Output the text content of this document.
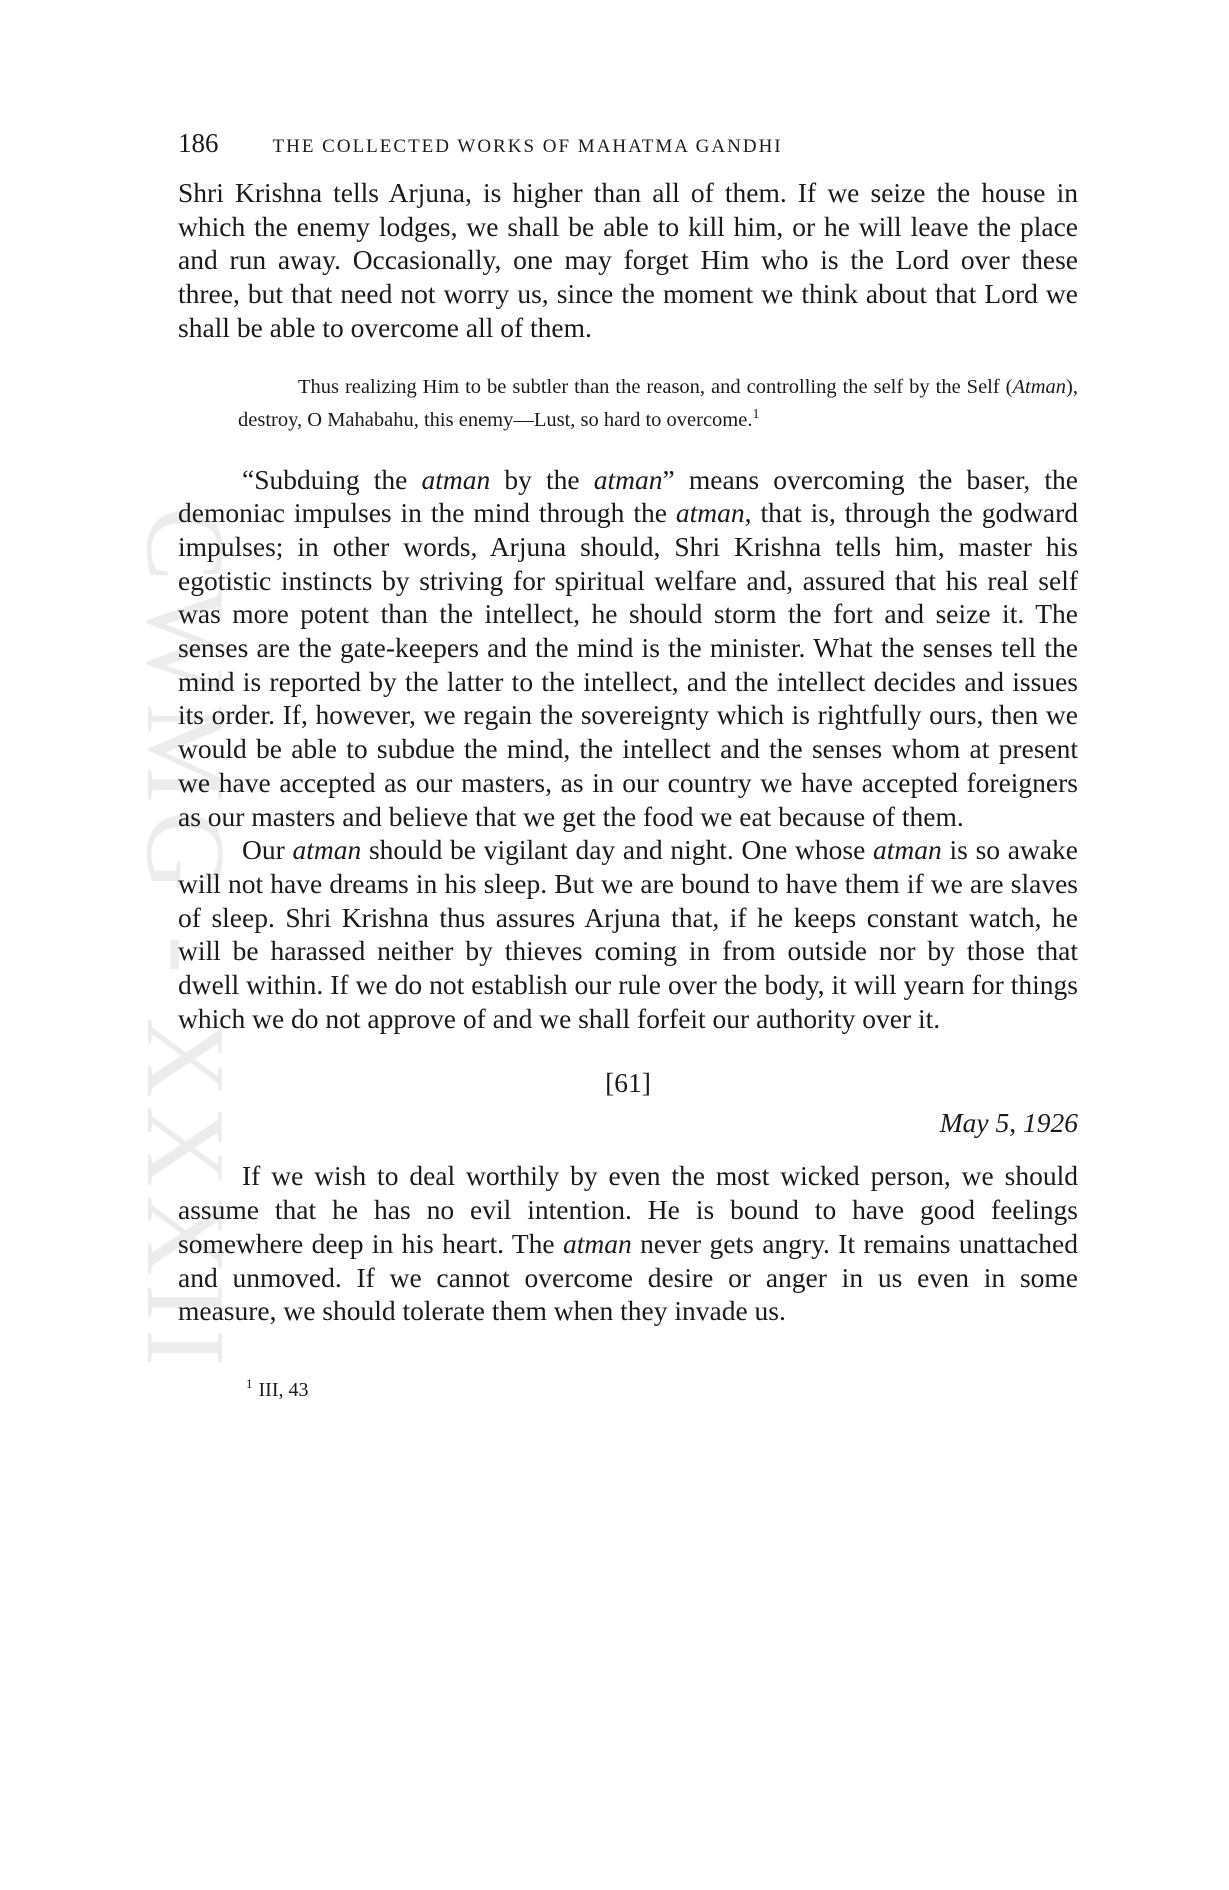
CWMG - XXXII
186	THE COLLECTED WORKS OF MAHATMA GANDHI

Shri Krishna tells Arjuna, is higher than all of them. If we seize the house in which the enemy lodges, we shall be able to kill him, or he will leave the place and run away. Occasionally, one may forget Him who is the Lord over these three, but that need not worry us, since the moment we think about that Lord we shall be able to overcome all of them.

Thus realizing Him to be subtler than the reason, and controlling the self by the Self (Atman), destroy, O Mahabahu, this enemy—Lust, so hard to overcome.$^1$

“Subduing the atman by the atman” means overcoming the baser, the demoniac impulses in the mind through the atman, that is, through the godward impulses; in other words, Arjuna should, Shri Krishna tells him, master his egotistic instincts by striving for spiritual welfare and, assured that his real self was more potent than the intellect, he should storm the fort and seize it. The senses are the gate-keepers and the mind is the minister. What the senses tell the mind is reported by the latter to the intellect, and the intellect decides and issues its order. If, however, we regain the sovereignty which is rightfully ours, then we would be able to subdue the mind, the intellect and the senses whom at present we have accepted as our masters, as in our country we have accepted foreigners as our masters and believe that we get the food we eat because of them.

Our atman should be vigilant day and night. One whose atman is so awake will not have dreams in his sleep. But we are bound to have them if we are slaves of sleep. Shri Krishna thus assures Arjuna that, if he keeps constant watch, he will be harassed neither by thieves coming in from outside nor by those that dwell within. If we do not establish our rule over the body, it will yearn for things which we do not approve of and we shall forfeit our authority over it.

[61]
May 5, 1926

If we wish to deal worthily by even the most wicked person, we should assume that he has no evil intention. He is bound to have good feelings somewhere deep in his heart. The atman never gets angry. It remains unattached and unmoved. If we cannot overcome desire or anger in us even in some measure, we should tolerate them when they invade us.

$^1$ III, 43
